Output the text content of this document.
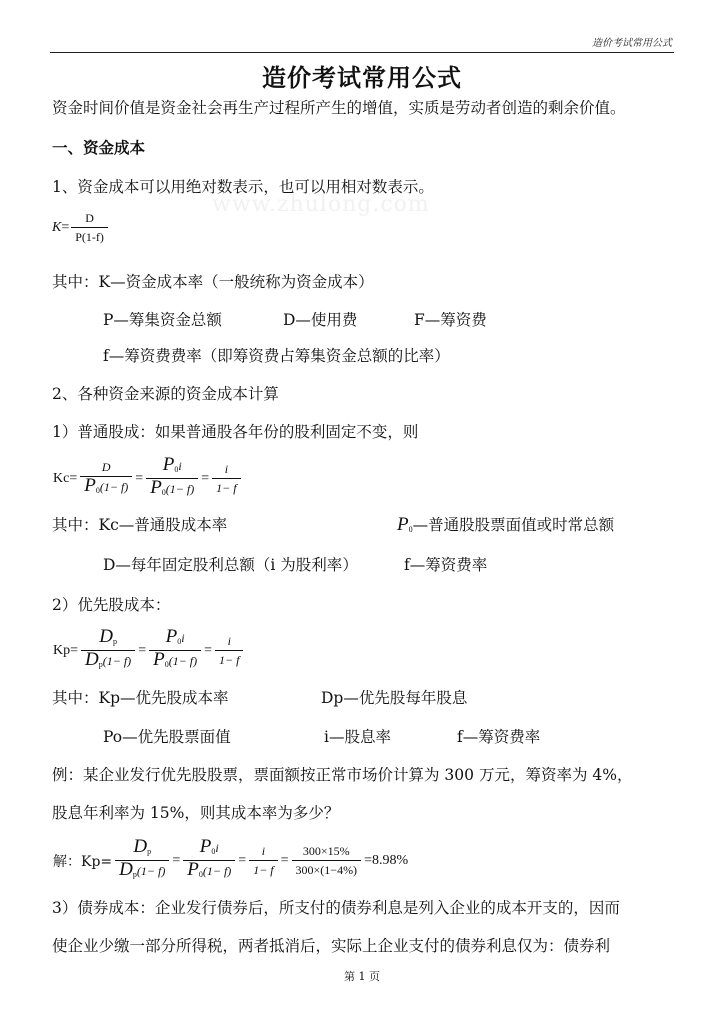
造价考试常用公式
www.zhulong.com
造价考试常用公式
资金时间价值是资金社会再生产过程所产生的增值，实质是劳动者创造的剩余价值。
一、资金成本
1、资金成本可以用绝对数表示，也可以用相对数表示。
$K= \frac{D}{P(1-f)}$
其中：K—资金成本率（一般统称为资金成本）
P—筹集资金总额	D—使用费	F—筹资费
f—筹资费费率（即筹资费占筹集资金总额的比率）
2、各种资金来源的资金成本计算
1）普通股成：如果普通股各年份的股利固定不变，则
$Kc= \frac{D}{P_0(1- f)} = \frac{P_0i}{P_0(1- f)} = \frac{i}{1- f}$
其中：Kc—普通股成本率	$P_0—$普通股股票面值或时常总额
D—每年固定股利总额（i 为股利率）	f—筹资费率
2）优先股成本：
$Kp= \frac{D_p}{D_p(1- f)} = \frac{P_0i}{P_0(1- f)} = \frac{i}{1- f}$
其中：Kp—优先股成本率	Dp—优先股每年股息
Po—优先股票面值	i—股息率	f—筹资费率
例：某企业发行优先股股票，票面额按正常市场价计算为 300 万元，筹资率为 4%，
股息年利率为 15%，则其成本率为多少？
解：$Kp= \frac{D_p}{D_p(1- f)} = \frac{P_0i}{P_0(1- f)} = \frac{i}{1- f} = \frac{300\times 15\%}{300\times(1-4\%)} =8.98\%$
3）债券成本：企业发行债券后，所支付的债券利息是列入企业的成本开支的，因而
使企业少缴一部分所得税，两者抵消后，实际上企业支付的债券利息仅为：债券利
第 1 页
